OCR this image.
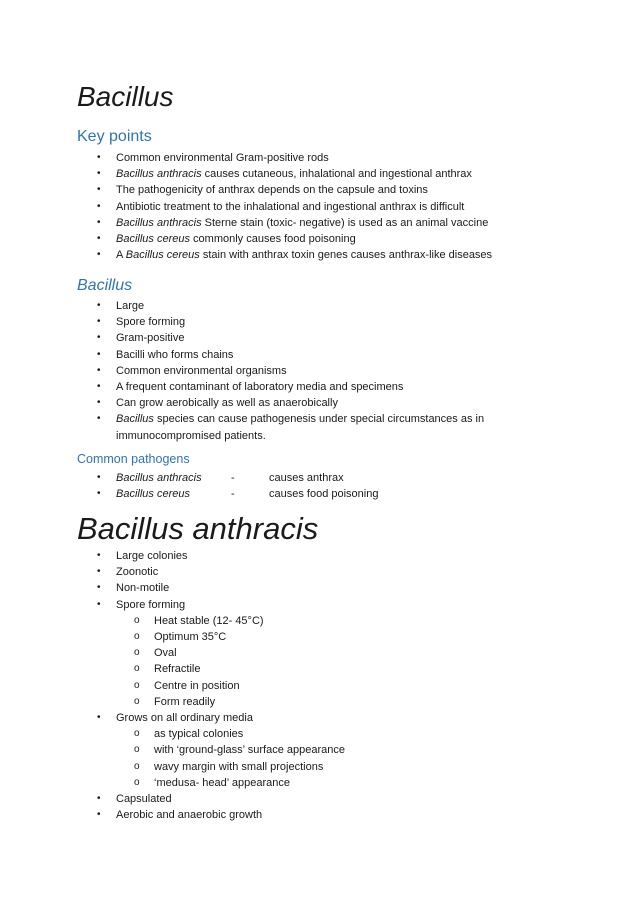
Bacillus
Key points
• Common environmental Gram-positive rods
• Bacillus anthracis causes cutaneous, inhalational and ingestional anthrax
• The pathogenicity of anthrax depends on the capsule and toxins
• Antibiotic treatment to the inhalational and ingestional anthrax is difficult
• Bacillus anthracis Sterne stain (toxic- negative) is used as an animal vaccine
• Bacillus cereus commonly causes food poisoning
• A Bacillus cereus stain with anthrax toxin genes causes anthrax-like diseases
Bacillus
• Large
• Spore forming
• Gram-positive
• Bacilli who forms chains
• Common environmental organisms
• A frequent contaminant of laboratory media and specimens
• Can grow aerobically as well as anaerobically
• Bacillus species can cause pathogenesis under special circumstances as in immunocompromised patients.
Common pathogens
• Bacillus anthracis	-	causes anthrax
• Bacillus cereus	-	causes food poisoning
Bacillus anthracis
• Large colonies
• Zoonotic
• Non-motile
• Spore forming
o Heat stable (12- 45°C)
o Optimum 35°C
o Oval
o Refractile
o Centre in position
o Form readily
• Grows on all ordinary media
o as typical colonies
o with ‘ground-glass’ surface appearance
o wavy margin with small projections
o ‘medusa- head’ appearance
• Capsulated
• Aerobic and anaerobic growth
